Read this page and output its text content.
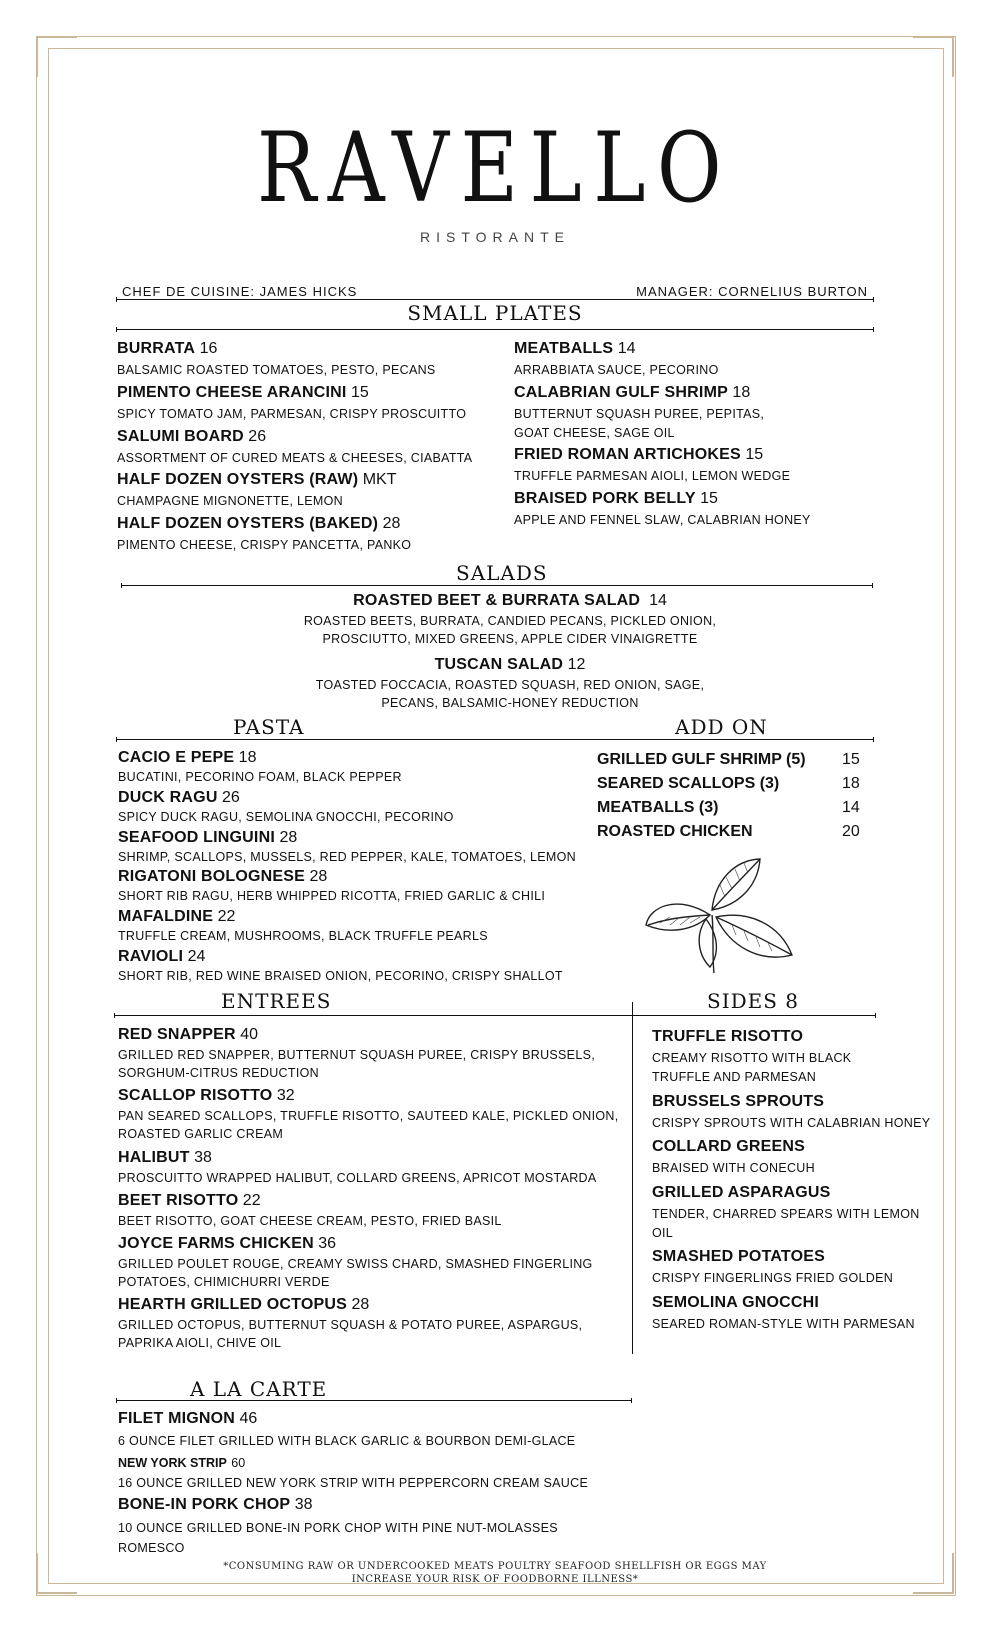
RAVELLO
RISTORANTE
CHEF DE CUISINE: JAMES HICKS	MANAGER: CORNELIUS BURTON
SMALL PLATES
BURRATA 16
BALSAMIC ROASTED TOMATOES, PESTO, PECANS
PIMENTO CHEESE ARANCINI 15
SPICY TOMATO JAM, PARMESAN, CRISPY PROSCUITTO
SALUMI BOARD 26
ASSORTMENT OF CURED MEATS & CHEESES, CIABATTA
HALF DOZEN OYSTERS (RAW) MKT
CHAMPAGNE MIGNONETTE, LEMON
HALF DOZEN OYSTERS (BAKED) 28
PIMENTO CHEESE, CRISPY PANCETTA, PANKO
MEATBALLS 14
ARRABBIATA SAUCE, PECORINO
CALABRIAN GULF SHRIMP 18
BUTTERNUT SQUASH PUREE, PEPITAS, GOAT CHEESE, SAGE OIL
FRIED ROMAN ARTICHOKES 15
TRUFFLE PARMESAN AIOLI, LEMON WEDGE
BRAISED PORK BELLY 15
APPLE AND FENNEL SLAW, CALABRIAN HONEY
SALADS
ROASTED BEET & BURRATA SALAD 14
ROASTED BEETS, BURRATA, CANDIED PECANS, PICKLED ONION,
PROSCIUTTO, MIXED GREENS, APPLE CIDER VINAIGRETTE
TUSCAN SALAD 12
TOASTED FOCCACIA, ROASTED SQUASH, RED ONION, SAGE,
PECANS, BALSAMIC-HONEY REDUCTION
PASTA	ADD ON
CACIO E PEPE 18
BUCATINI, PECORINO FOAM, BLACK PEPPER
DUCK RAGU 26
SPICY DUCK RAGU, SEMOLINA GNOCCHI, PECORINO
SEAFOOD LINGUINI 28
SHRIMP, SCALLOPS, MUSSELS, RED PEPPER, KALE, TOMATOES, LEMON
RIGATONI BOLOGNESE 28
SHORT RIB RAGU, HERB WHIPPED RICOTTA, FRIED GARLIC & CHILI
MAFALDINE 22
TRUFFLE CREAM, MUSHROOMS, BLACK TRUFFLE PEARLS
RAVIOLI 24
SHORT RIB, RED WINE BRAISED ONION, PECORINO, CRISPY SHALLOT
GRILLED GULF SHRIMP (5)	15
SEARED SCALLOPS (3)	18
MEATBALLS (3)	14
ROASTED CHICKEN	20
ENTREES	SIDES 8
RED SNAPPER 40
GRILLED RED SNAPPER, BUTTERNUT SQUASH PUREE, CRISPY BRUSSELS, SORGHUM-CITRUS REDUCTION
SCALLOP RISOTTO 32
PAN SEARED SCALLOPS, TRUFFLE RISOTTO, SAUTEED KALE, PICKLED ONION, ROASTED GARLIC CREAM
HALIBUT 38
PROSCUITTO WRAPPED HALIBUT, COLLARD GREENS, APRICOT MOSTARDA
BEET RISOTTO 22
BEET RISOTTO, GOAT CHEESE CREAM, PESTO, FRIED BASIL
JOYCE FARMS CHICKEN 36
GRILLED POULET ROUGE, CREAMY SWISS CHARD, SMASHED FINGERLING POTATOES, CHIMICHURRI VERDE
HEARTH GRILLED OCTOPUS 28
GRILLED OCTOPUS, BUTTERNUT SQUASH & POTATO PUREE, ASPARGUS, PAPRIKA AIOLI, CHIVE OIL
TRUFFLE RISOTTO
CREAMY RISOTTO WITH BLACK TRUFFLE AND PARMESAN
BRUSSELS SPROUTS
CRISPY SPROUTS WITH CALABRIAN HONEY
COLLARD GREENS
BRAISED WITH CONECUH
GRILLED ASPARAGUS
TENDER, CHARRED SPEARS WITH LEMON OIL
SMASHED POTATOES
CRISPY FINGERLINGS FRIED GOLDEN
SEMOLINA GNOCCHI
SEARED ROMAN-STYLE WITH PARMESAN
A LA CARTE
FILET MIGNON 46
6 OUNCE FILET GRILLED WITH BLACK GARLIC & BOURBON DEMI-GLACE
NEW YORK STRIP 60
16 OUNCE GRILLED NEW YORK STRIP WITH PEPPERCORN CREAM SAUCE
BONE-IN PORK CHOP 38
10 OUNCE GRILLED BONE-IN PORK CHOP WITH PINE NUT-MOLASSES ROMESCO
*CONSUMING RAW OR UNDERCOOKED MEATS POULTRY SEAFOOD SHELLFISH OR EGGS MAY
INCREASE YOUR RISK OF FOODBORNE ILLNESS*
